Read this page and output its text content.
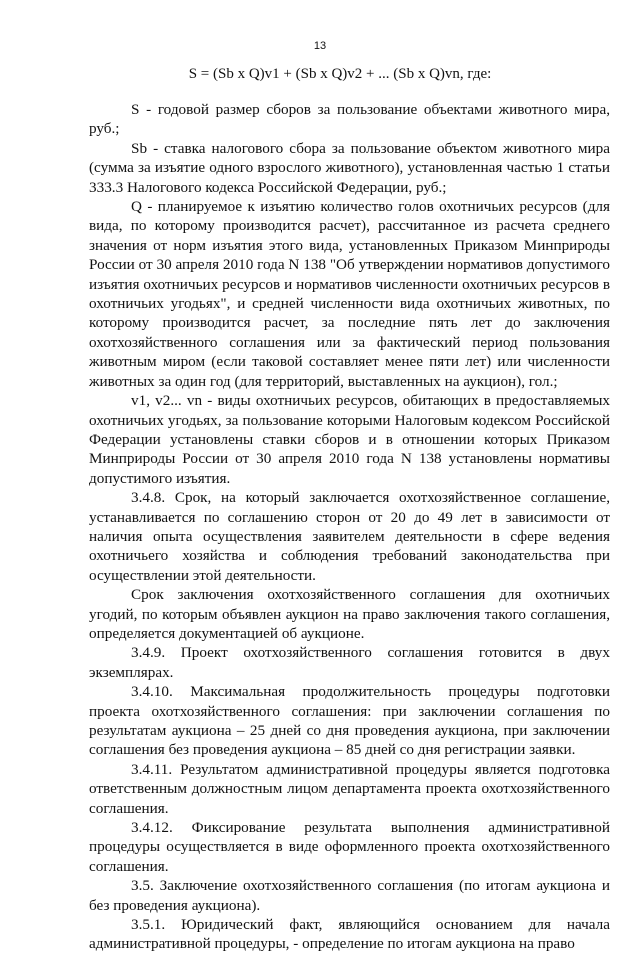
13
S = (Sb x Q)v1 + (Sb x Q)v2 + ... (Sb x Q)vn, где:

S - годовой размер сборов за пользование объектами животного мира, руб.;

Sb - ставка налогового сбора за пользование объектом животного мира (сумма за изъятие одного взрослого животного), установленная частью 1 статьи 333.3 Налогового кодекса Российской Федерации, руб.;

Q - планируемое к изъятию количество голов охотничьих ресурсов (для вида, по которому производится расчет), рассчитанное из расчета среднего значения от норм изъятия этого вида, установленных Приказом Минприроды России от 30 апреля 2010 года N 138 "Об утверждении нормативов допустимого изъятия охотничьих ресурсов и нормативов численности охотничьих ресурсов в охотничьих угодьях", и средней численности вида охотничьих животных, по которому производится расчет, за последние пять лет до заключения охотхозяйственного соглашения или за фактический период пользования животным миром (если таковой составляет менее пяти лет) или численности животных за один год (для территорий, выставленных на аукцион), гол.;

v1, v2... vn - виды охотничьих ресурсов, обитающих в предоставляемых охотничьих угодьях, за пользование которыми Налоговым кодексом Российской Федерации установлены ставки сборов и в отношении которых Приказом Минприроды России от 30 апреля 2010 года N 138 установлены нормативы допустимого изъятия.

3.4.8. Срок, на который заключается охотхозяйственное соглашение, устанавливается по соглашению сторон от 20 до 49 лет в зависимости от наличия опыта осуществления заявителем деятельности в сфере ведения охотничьего хозяйства и соблюдения требований законодательства при осуществлении этой деятельности.

Срок заключения охотхозяйственного соглашения для охотничьих угодий, по которым объявлен аукцион на право заключения такого соглашения, определяется документацией об аукционе.

3.4.9. Проект охотхозяйственного соглашения готовится в двух экземплярах.

3.4.10. Максимальная продолжительность процедуры подготовки проекта охотхозяйственного соглашения: при заключении соглашения по результатам аукциона – 25 дней со дня проведения аукциона, при заключении соглашения без проведения аукциона – 85 дней со дня регистрации заявки.

3.4.11. Результатом административной процедуры является подготовка ответственным должностным лицом департамента проекта охотхозяйственного соглашения.

3.4.12. Фиксирование результата выполнения административной процедуры осуществляется в виде оформленного проекта охотхозяйственного соглашения.

3.5. Заключение охотхозяйственного соглашения (по итогам аукциона и без проведения аукциона).

3.5.1. Юридический факт, являющийся основанием для начала административной процедуры, - определение по итогам аукциона на право
